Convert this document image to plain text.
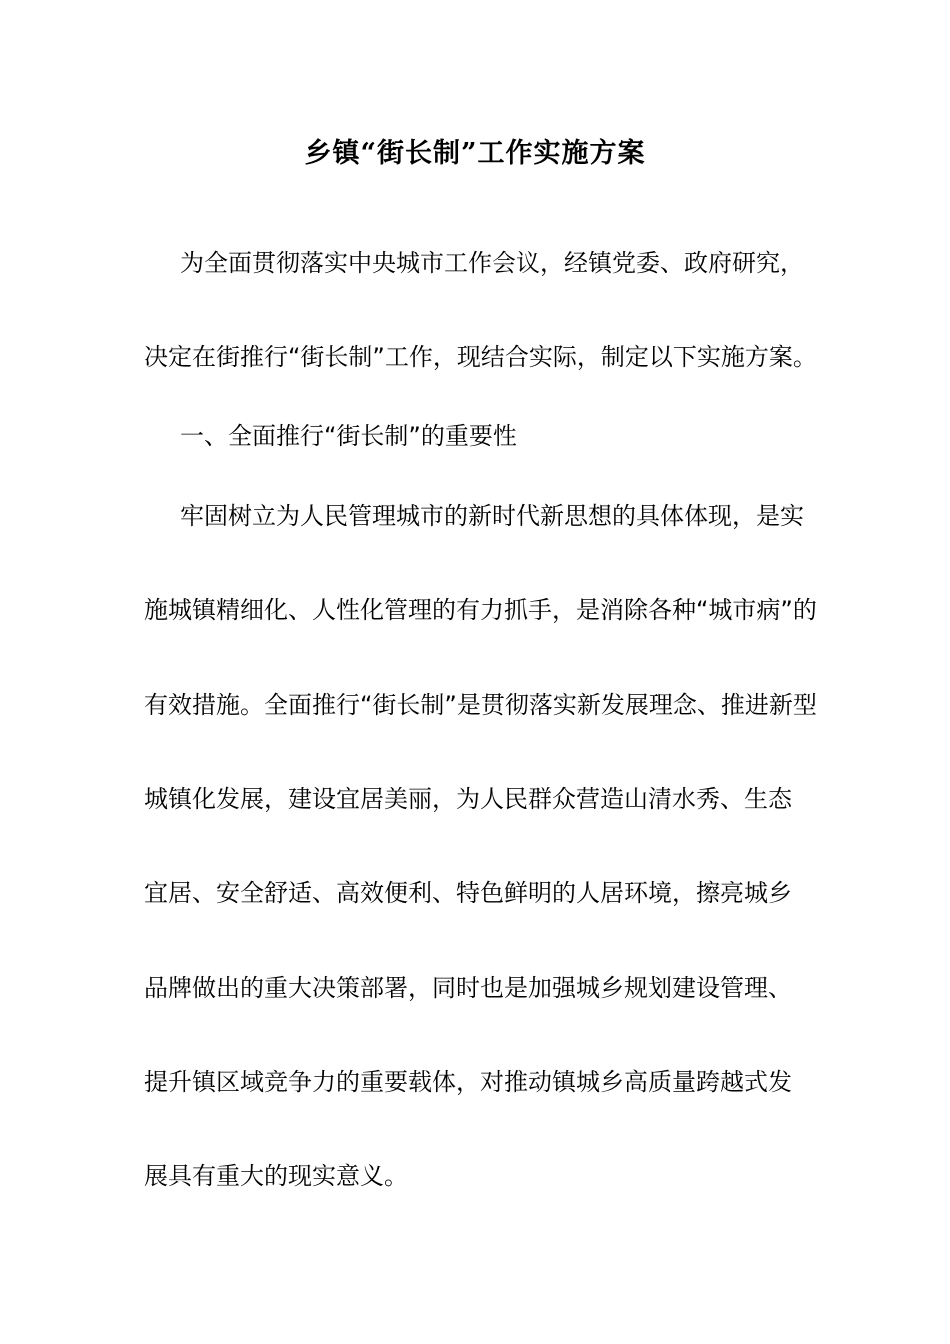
乡镇“街长制”工作实施方案
为全面贯彻落实中央城市工作会议，经镇党委、政府研究，
决定在街推行“街长制”工作，现结合实际，制定以下实施方案。
一、全面推行“街长制”的重要性
牢固树立为人民管理城市的新时代新思想的具体体现，是实
施城镇精细化、人性化管理的有力抓手，是消除各种“城市病”的
有效措施。全面推行“街长制”是贯彻落实新发展理念、推进新型
城镇化发展，建设宜居美丽，为人民群众营造山清水秀、生态
宜居、安全舒适、高效便利、特色鲜明的人居环境，擦亮城乡
品牌做出的重大决策部署，同时也是加强城乡规划建设管理、
提升镇区域竞争力的重要载体，对推动镇城乡高质量跨越式发
展具有重大的现实意义。
